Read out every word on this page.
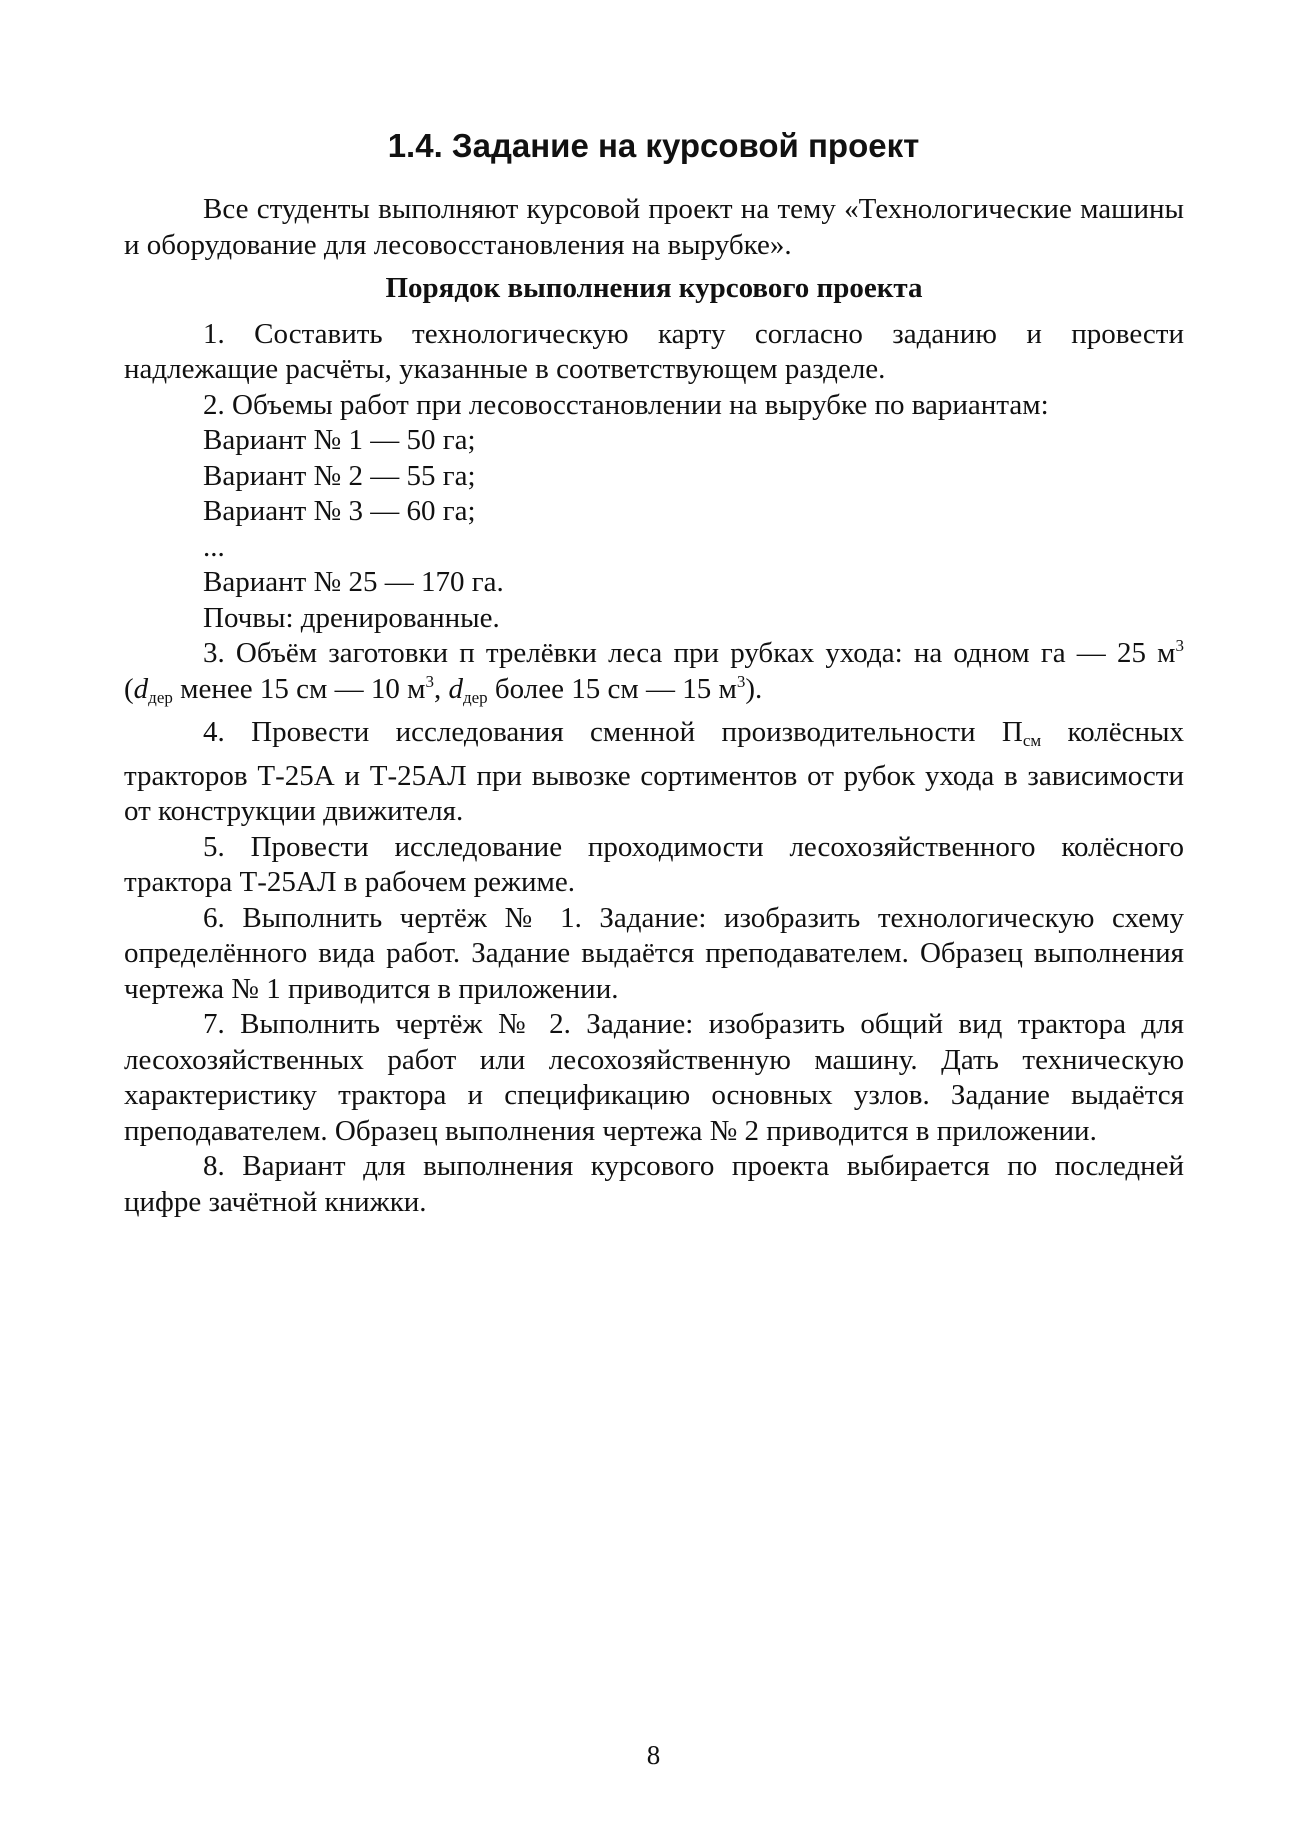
1.4. Задание на курсовой проект

Все студенты выполняют курсовой проект на тему «Технологические машины и оборудование для лесовосстановления на вырубке».

Порядок выполнения курсового проекта

1. Составить технологическую карту согласно заданию и провести надлежащие расчёты, указанные в соответствующем разделе.

2. Объемы работ при лесовосстановлении на вырубке по вариантам:

Вариант № 1 — 50 га;

Вариант № 2 — 55 га;

Вариант № 3 — 60 га;

...

Вариант № 25 — 170 га.

Почвы: дренированные.

3. Объём заготовки п трелёвки леса при рубках ухода: на одном га — 25 $м^3$ (dдер менее 15 см — 10 $м^3$, dдер более 15 см — 15 $м^3$).

4. Провести исследования сменной производительности Псм колёсных тракторов Т-25А и Т-25АЛ при вывозке сортиментов от рубок ухода в зависимости от конструкции движителя.

5. Провести исследование проходимости лесохозяйственного колёсного трактора Т-25АЛ в рабочем режиме.

6. Выполнить чертёж № 1. Задание: изобразить технологическую схему определённого вида работ. Задание выдаётся преподавателем. Образец выполнения чертежа № 1 приводится в приложении.

7. Выполнить чертёж № 2. Задание: изобразить общий вид трактора для лесохозяйственных работ или лесохозяйственную машину. Дать техническую характеристику трактора и спецификацию основных узлов. Задание выдаётся преподавателем. Образец выполнения чертежа № 2 приводится в приложении.

8. Вариант для выполнения курсового проекта выбирается по последней цифре зачётной книжки.

8
